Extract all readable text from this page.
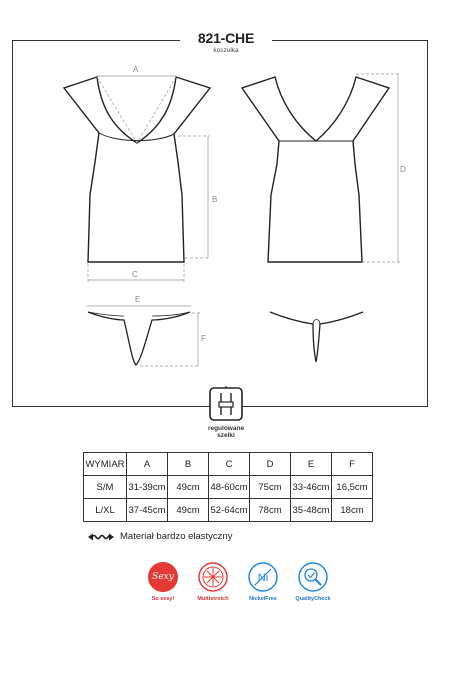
821-CHE
koszulka
A
B
C
D
E
F
regulowane
szelki
WYMIAR	A	B	C	D	E	F
S/M	31-39cm	49cm	48-60cm	75cm	33-46cm	16,5cm
L/XL	37-45cm	49cm	52-64cm	78cm	35-48cm	18cm
Materiał bardzo elastyczny
Sexy
So sexy!	Multistretch
Ni
NickelFree	QualityCheck
